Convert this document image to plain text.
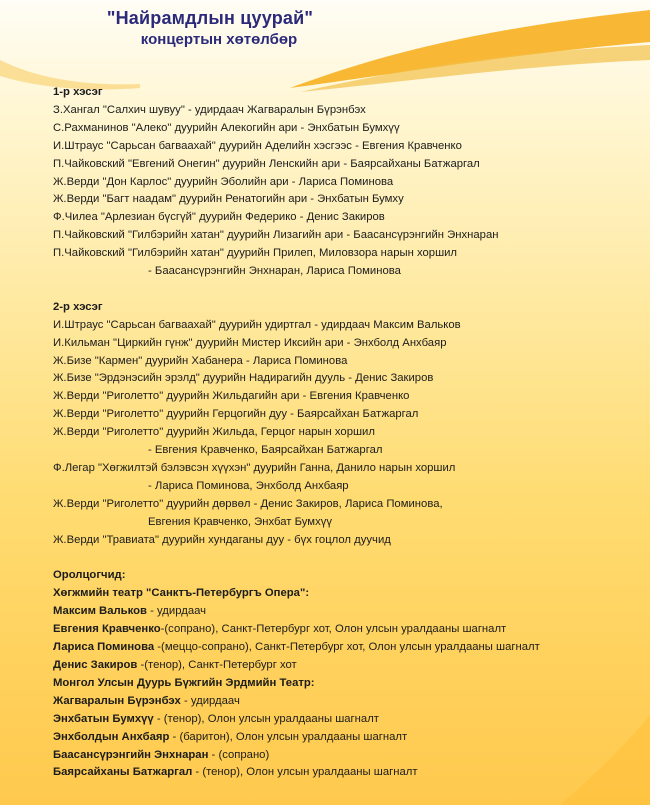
"Найрамдлын цуурай"
концертын хөтөлбөр
1-р хэсэг
З.Хангал "Салхич шувуу" - удирдаач Жагваралын Бүрэнбэх
С.Рахманинов "Алеко" дуурийн Алекогийн ари - Энхбатын Бумхүү
И.Штраус "Сарьсан багваахай" дуурийн Аделийн хэсгээс - Евгения Кравченко
П.Чайковский "Евгений Онегин" дуурийн Ленскийн ари - Баярсайханы Батжаргал
Ж.Верди "Дон Карлос" дуурийн Эболийн ари - Лариса Поминова
Ж.Верди "Багт наадам" дуурийн Ренатогийн ари - Энхбатын Бумху
Ф.Чилеа "Арлезиан бүсгүй" дуурийн Федерико - Денис Закиров
П.Чайковский "Гилбэрийн хатан" дуурийн Лизагийн ари - Баасансүрэнгийн Энхнаран
П.Чайковский "Гилбэрийн хатан" дуурийн Прилеп, Миловзора нарын хоршил
- Баасансүрэнгийн Энхнаран, Лариса Поминова
2-р хэсэг
И.Штраус "Сарьсан багваахай" дуурийн удиртгал - удирдаач Максим Вальков
И.Кильман "Циркийн гүнж" дуурийн Мистер Иксийн ари - Энхболд Анхбаяр
Ж.Бизе "Кармен" дуурийн Хабанера - Лариса Поминова
Ж.Бизе "Эрдэнэсийн эрэлд" дуурийн Надирагийн дууль - Денис Закиров
Ж.Верди "Риголетто" дуурийн Жильдагийн ари - Евгения Кравченко
Ж.Верди "Риголетто" дуурийн Герцогийн дуу - Баярсайхан Батжаргал
Ж.Верди "Риголетто" дуурийн Жильда, Герцог нарын хоршил
- Евгения Кравченко, Баярсайхан Батжаргал
Ф.Легар "Хөгжилтэй бэлэвсэн хүүхэн" дуурийн Ганна, Данило нарын хоршил
- Лариса Поминова, Энхболд Анхбаяр
Ж.Верди "Риголетто" дуурийн дөрвөл - Денис Закиров, Лариса Поминова,
Евгения Кравченко, Энхбат Бумхүү
Ж.Верди "Травиата" дуурийн хундаганы дуу - бүх гоцлол дуучид
Оролцогчид:
Хөгжмийн театр "Санктъ-Петербургъ Опера":
Максим Вальков - удирдаач
Евгения Кравченко-(сопрано), Санкт-Петербург хот, Олон улсын уралдааны шагналт
Лариса Поминова -(меццо-сопрано), Санкт-Петербург хот, Олон улсын уралдааны шагналт
Денис Закиров -(тенор), Санкт-Петербург хот
Монгол Улсын Дуурь Бүжгийн Эрдмийн Театр:
Жагваралын Бүрэнбэх - удирдаач
Энхбатын Бумхүү - (тенор), Олон улсын уралдааны шагналт
Энхболдын Анхбаяр - (баритон), Олон улсын уралдааны шагналт
Баасансүрэнгийн Энхнаран - (сопрано)
Баярсайханы Батжаргал - (тенор), Олон улсын уралдааны шагналт
